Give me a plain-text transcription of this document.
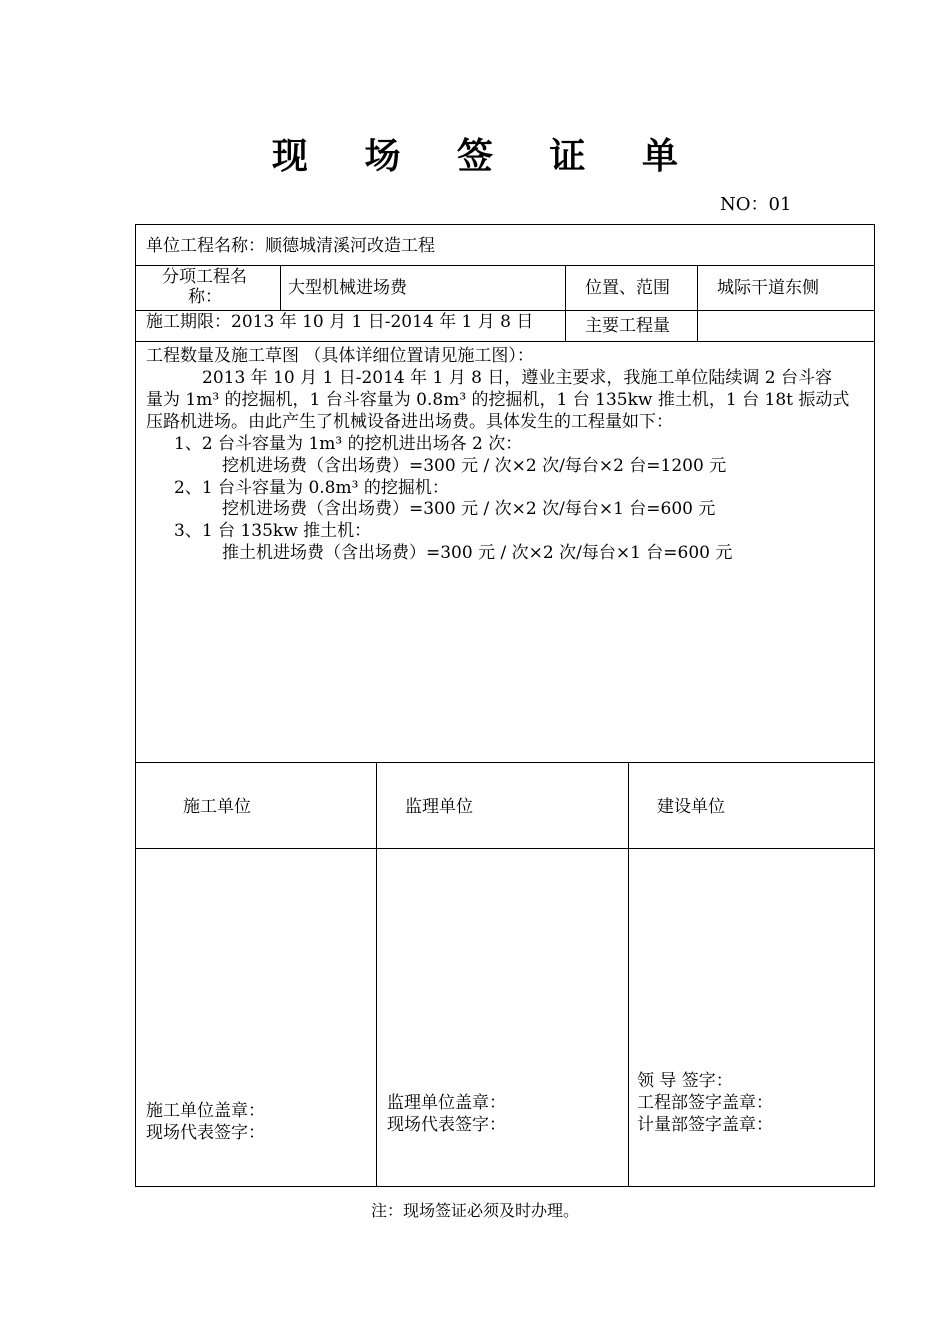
现 场 签 证 单
NO：01
单位工程名称：顺德城清溪河改造工程
分项工程名
称：	大型机械进场费	位置、范围	城际干道东侧
施工期限：2013 年 10 月 1 日-2014 年 1 月 8 日	主要工程量
工程数量及施工草图 （具体详细位置请见施工图）：
2013 年 10 月 1 日-2014 年 1 月 8 日，遵业主要求，我施工单位陆续调 2 台斗容
量为 1m³ 的挖掘机，1 台斗容量为 0.8m³ 的挖掘机，1 台 135kw 推土机，1 台 18t 振动式
压路机进场。由此产生了机械设备进出场费。具体发生的工程量如下：
1、2 台斗容量为 1m³ 的挖机进出场各 2 次：
挖机进场费（含出场费）=300 元 / 次×2 次/每台×2 台=1200 元
2、1 台斗容量为 0.8m³ 的挖掘机：
挖机进场费（含出场费）=300 元 / 次×2 次/每台×1 台=600 元
3、1 台 135kw 推土机：
推土机进场费（含出场费）=300 元 / 次×2 次/每台×1 台=600 元
施工单位	监理单位	建设单位
施工单位盖章：
现场代表签字：
监理单位盖章：
现场代表签字：
领 导 签字：
工程部签字盖章：
计量部签字盖章：
注：现场签证必须及时办理。
